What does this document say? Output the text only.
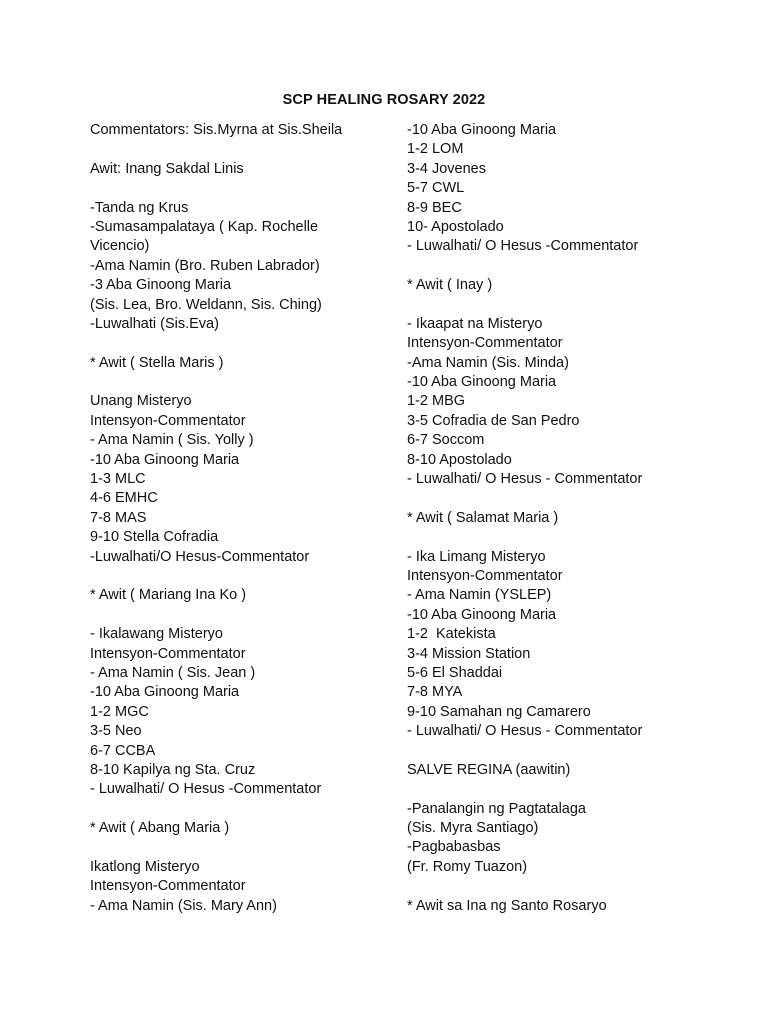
SCP HEALING ROSARY 2022
Commentators: Sis.Myrna at Sis.Sheila
Awit: Inang Sakdal Linis
-Tanda ng Krus
-Sumasampalataya ( Kap. Rochelle
Vicencio)
-Ama Namin (Bro. Ruben Labrador)
-3 Aba Ginoong Maria
(Sis. Lea, Bro. Weldann, Sis. Ching)
-Luwalhati (Sis.Eva)
* Awit ( Stella Maris )
Unang Misteryo
Intensyon-Commentator
- Ama Namin ( Sis. Yolly )
-10 Aba Ginoong Maria
1-3 MLC
4-6 EMHC
7-8 MAS
9-10 Stella Cofradia
-Luwalhati/O Hesus-Commentator
* Awit ( Mariang Ina Ko )
- Ikalawang Misteryo
Intensyon-Commentator
- Ama Namin ( Sis. Jean )
-10 Aba Ginoong Maria
1-2 MGC
3-5 Neo
6-7 CCBA
8-10 Kapilya ng Sta. Cruz
- Luwalhati/ O Hesus -Commentator
* Awit ( Abang Maria )
Ikatlong Misteryo
Intensyon-Commentator
- Ama Namin (Sis. Mary Ann)
-10 Aba Ginoong Maria
1-2 LOM
3-4 Jovenes
5-7 CWL
8-9 BEC
10- Apostolado
- Luwalhati/ O Hesus -Commentator
* Awit ( Inay )
- Ikaapat na Misteryo
Intensyon-Commentator
-Ama Namin (Sis. Minda)
-10 Aba Ginoong Maria
1-2 MBG
3-5 Cofradia de San Pedro
6-7 Soccom
8-10 Apostolado
- Luwalhati/ O Hesus - Commentator
* Awit ( Salamat Maria )
- Ika Limang Misteryo
Intensyon-Commentator
- Ama Namin (YSLEP)
-10 Aba Ginoong Maria
1-2  Katekista
3-4 Mission Station
5-6 El Shaddai
7-8 MYA
9-10 Samahan ng Camarero
- Luwalhati/ O Hesus - Commentator
SALVE REGINA (aawitin)
-Panalangin ng Pagtatalaga
(Sis. Myra Santiago)
-Pagbabasbas
(Fr. Romy Tuazon)
* Awit sa Ina ng Santo Rosaryo
